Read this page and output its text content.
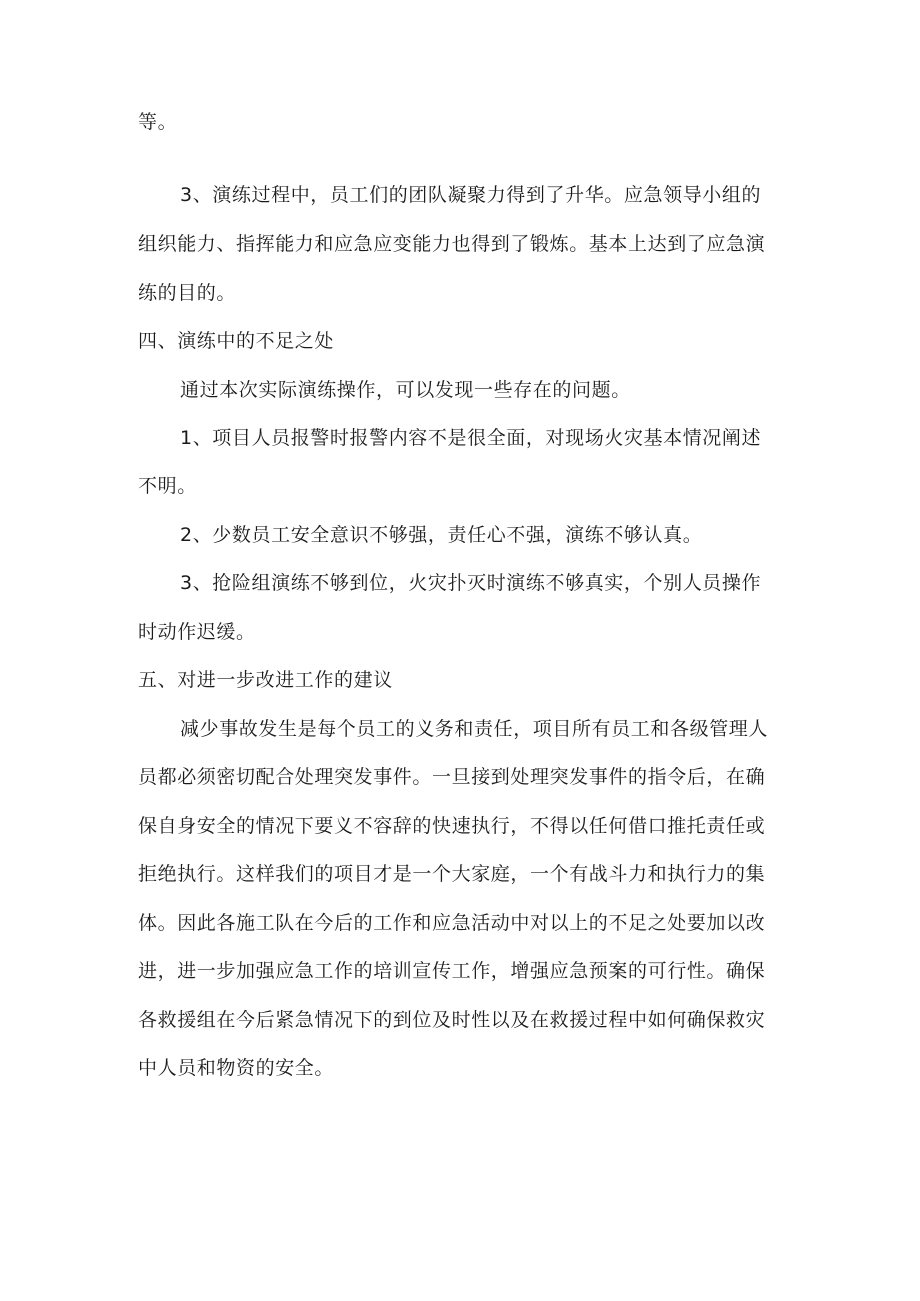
等。
3、演练过程中，员工们的团队凝聚力得到了升华。应急领导小组的
组织能力、指挥能力和应急应变能力也得到了锻炼。基本上达到了应急演
练的目的。
四、演练中的不足之处
通过本次实际演练操作，可以发现一些存在的问题。
1、项目人员报警时报警内容不是很全面，对现场火灾基本情况阐述
不明。
2、少数员工安全意识不够强，责任心不强，演练不够认真。
3、抢险组演练不够到位，火灾扑灭时演练不够真实，个别人员操作
时动作迟缓。
五、对进一步改进工作的建议
减少事故发生是每个员工的义务和责任，项目所有员工和各级管理人
员都必须密切配合处理突发事件。一旦接到处理突发事件的指令后，在确
保自身安全的情况下要义不容辞的快速执行，不得以任何借口推托责任或
拒绝执行。这样我们的项目才是一个大家庭，一个有战斗力和执行力的集
体。因此各施工队在今后的工作和应急活动中对以上的不足之处要加以改
进，进一步加强应急工作的培训宣传工作，增强应急预案的可行性。确保
各救援组在今后紧急情况下的到位及时性以及在救援过程中如何确保救灾
中人员和物资的安全。
